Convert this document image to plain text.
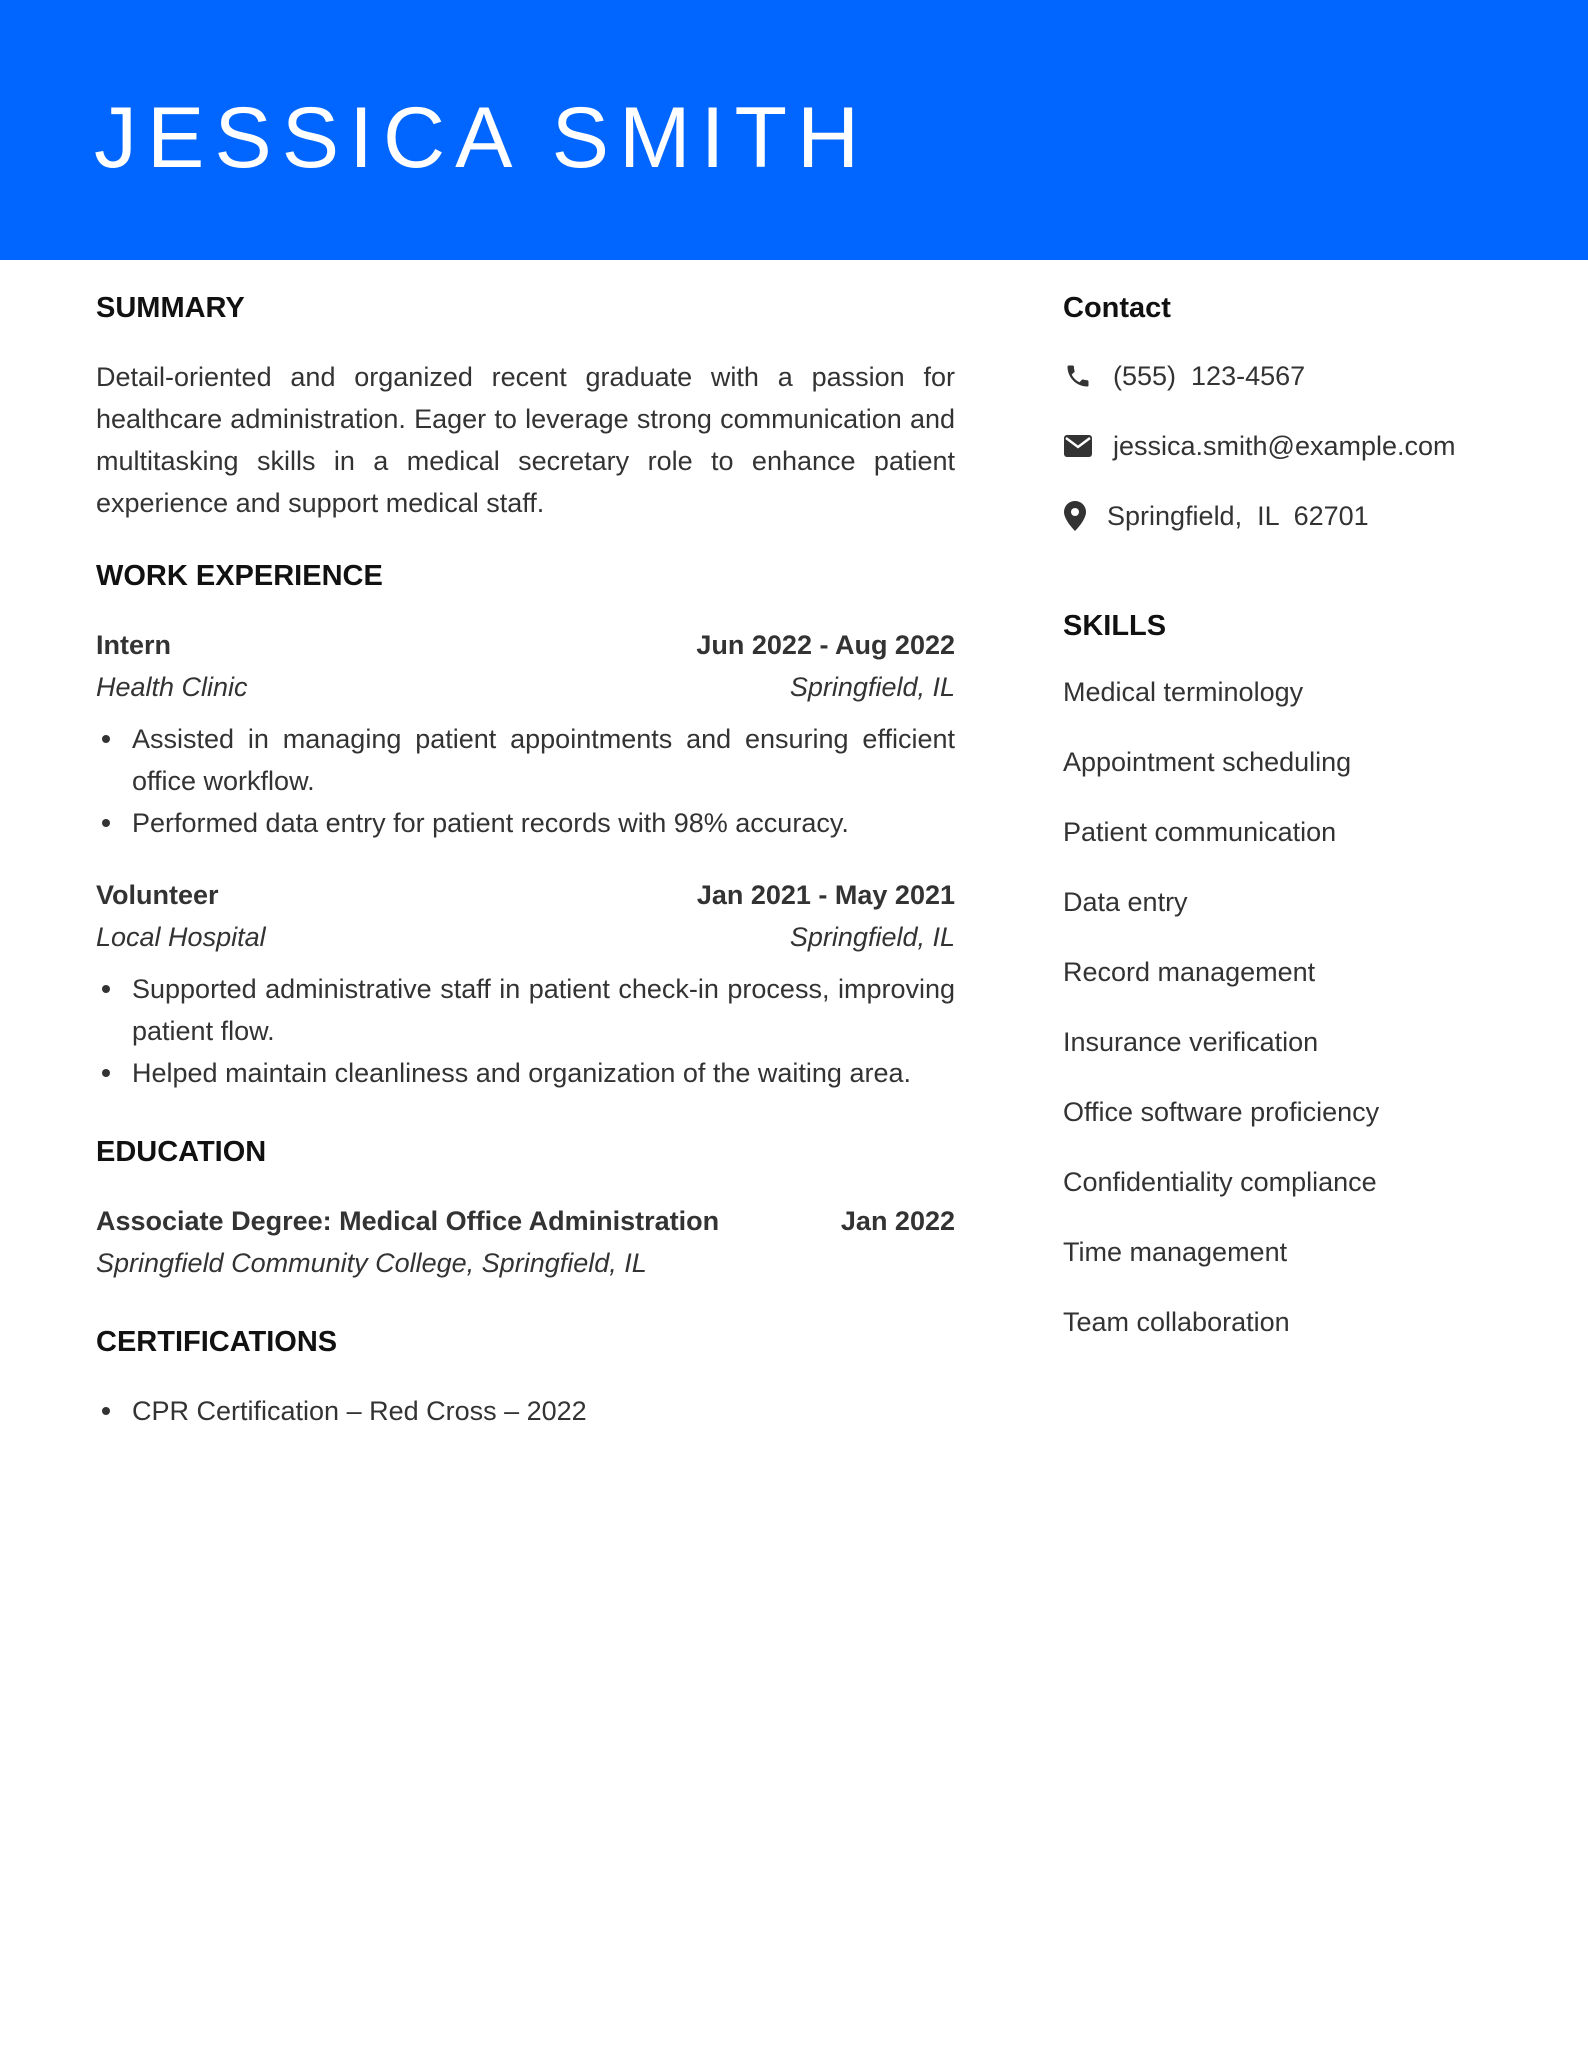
JESSICA SMITH
SUMMARY

Detail-oriented and organized recent graduate with a passion for healthcare administration. Eager to leverage strong communication and multitasking skills in a medical secretary role to enhance patient experience and support medical staff.

WORK EXPERIENCE
Intern	Jun 2022 - Aug 2022
Health Clinic	Springfield, IL
Assisted in managing patient appointments and ensuring efficient office workflow.
Performed data entry for patient records with 98% accuracy.
Volunteer	Jan 2021 - May 2021
Local Hospital	Springfield, IL
Supported administrative staff in patient check-in process, improving patient flow.
Helped maintain cleanliness and organization of the waiting area.
EDUCATION
Associate Degree: Medical Office Administration	Jan 2022
Springfield Community College, Springfield, IL
CERTIFICATIONS
CPR Certification – Red Cross – 2022
Contact
(555)  123-4567
jessica.smith@example.com
Springfield,  IL  62701
SKILLS
Medical terminology
Appointment scheduling
Patient communication
Data entry
Record management
Insurance verification
Office software proficiency
Confidentiality compliance
Time management
Team collaboration
